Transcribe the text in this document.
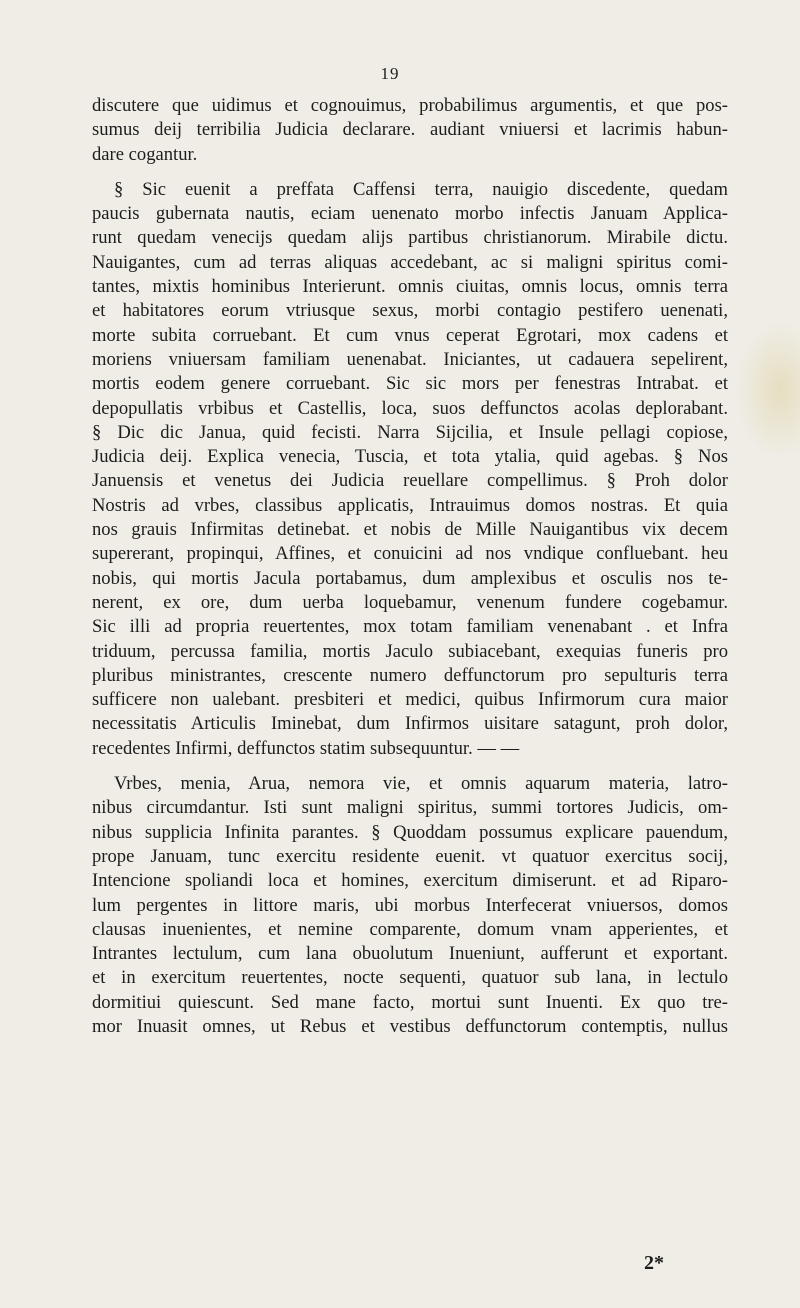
19
discutere que uidimus et cognouimus, probabilimus argumentis, et que pos-
sumus deij terribilia Judicia declarare. audiant vniuersi et lacrimis habun-
dare cogantur.
§ Sic euenit a preffata Caffensi terra, nauigio discedente, quedam
paucis gubernata nautis, eciam uenenato morbo infectis Januam Applica-
runt quedam venecijs quedam alijs partibus christianorum. Mirabile dictu.
Nauigantes, cum ad terras aliquas accedebant, ac si maligni spiritus comi-
tantes, mixtis hominibus Interierunt. omnis ciuitas, omnis locus, omnis terra
et habitatores eorum vtriusque sexus, morbi contagio pestifero uenenati,
morte subita corruebant. Et cum vnus ceperat Egrotari, mox cadens et
moriens vniuersam familiam uenenabat. Iniciantes, ut cadauera sepelirent,
mortis eodem genere corruebant. Sic sic mors per fenestras Intrabat. et
depopullatis vrbibus et Castellis, loca, suos deffunctos acolas deplorabant.
§ Dic dic Janua, quid fecisti. Narra Sijcilia, et Insule pellagi copiose,
Judicia deij. Explica venecia, Tuscia, et tota ytalia, quid agebas. § Nos
Januensis et venetus dei Judicia reuellare compellimus. § Proh dolor
Nostris ad vrbes, classibus applicatis, Intrauimus domos nostras. Et quia
nos grauis Infirmitas detinebat. et nobis de Mille Nauigantibus vix decem
supererant, propinqui, Affines, et conuicini ad nos vndique confluebant. heu
nobis, qui mortis Jacula portabamus, dum amplexibus et osculis nos te-
nerent, ex ore, dum uerba loquebamur, venenum fundere cogebamur.
Sic illi ad propria reuertentes, mox totam familiam venenabant . et Infra
triduum, percussa familia, mortis Jaculo subiacebant, exequias funeris pro
pluribus ministrantes, crescente numero deffunctorum pro sepulturis terra
sufficere non ualebant. presbiteri et medici, quibus Infirmorum cura maior
necessitatis Articulis Iminebat, dum Infirmos uisitare satagunt, proh dolor,
recedentes Infirmi, deffunctos statim subsequuntur. — —
Vrbes, menia, Arua, nemora vie, et omnis aquarum materia, latro-
nibus circumdantur. Isti sunt maligni spiritus, summi tortores Judicis, om-
nibus supplicia Infinita parantes. § Quoddam possumus explicare pauendum,
prope Januam, tunc exercitu residente euenit. vt quatuor exercitus socij,
Intencione spoliandi loca et homines, exercitum dimiserunt. et ad Riparo-
lum pergentes in littore maris, ubi morbus Interfecerat vniuersos, domos
clausas inuenientes, et nemine comparente, domum vnam apperientes, et
Intrantes lectulum, cum lana obuolutum Inueniunt, aufferunt et exportant.
et in exercitum reuertentes, nocte sequenti, quatuor sub lana, in lectulo
dormitiui quiescunt. Sed mane facto, mortui sunt Inuenti. Ex quo tre-
mor Inuasit omnes, ut Rebus et vestibus deffunctorum contemptis, nullus
2*
